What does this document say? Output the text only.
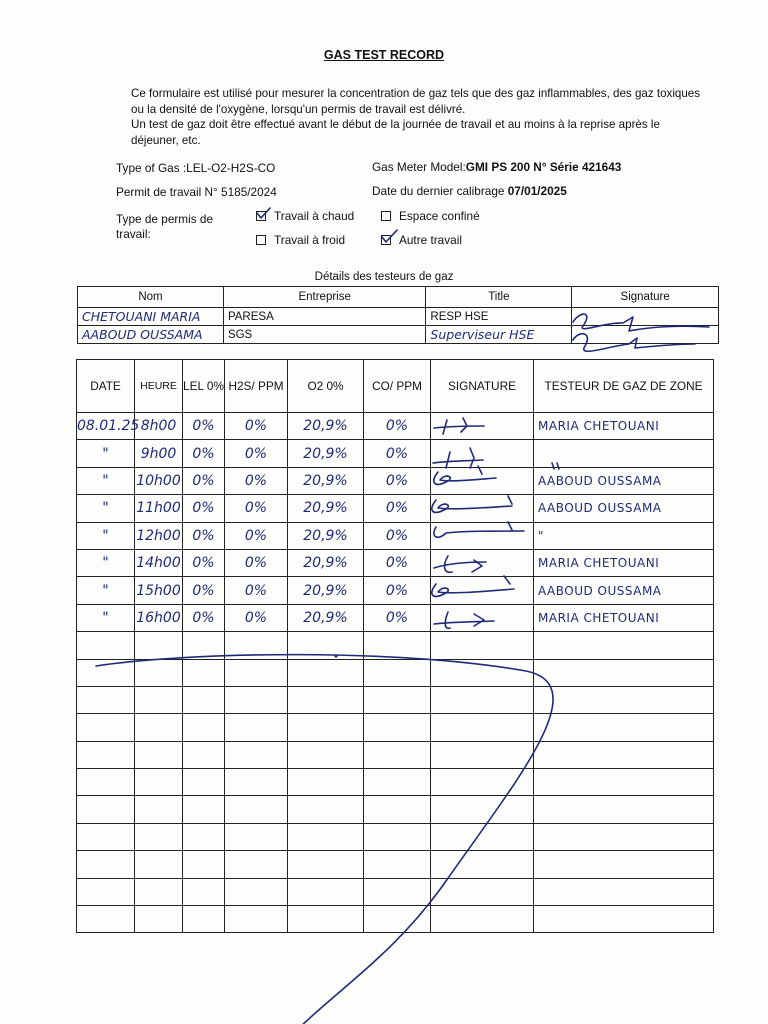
GAS TEST RECORD

Ce formulaire est utilisé pour mesurer la concentration de gaz tels que des gaz inflammables, des gaz toxiques ou la densité de l'oxygène, lorsqu'un permis de travail est délivré.

Un test de gaz doit être effectué avant le début de la journée de travail et au moins à la reprise après le déjeuner, etc.

Type of Gas :LEL-O2-H2S-CO	Gas Meter Model:GMI PS 200 N° Série 421643
Permit de travail N° 5185/2024	Date du dernier calibrage 07/01/2025
Type de permis de travail:
Travail à chaud	Espace confiné
Travail à froid	Autre travail
Détails des testeurs de gaz
Nom	Entreprise	Title	Signature
CHETOUANI MARIA	PARESA	RESP HSE	
AABOUD OUSSAMA	SGS	Superviseur HSE	
DATE	HEURE	LEL 0%	H2S/ PPM	O2 0%	CO/ PPM	SIGNATURE	TESTEUR DE GAZ DE ZONE
08.01.25	8h00	0%	0%	20,9%	0%		MARIA CHETOUANI
"	9h00	0%	0%	20,9%	0%		
"	10h00	0%	0%	20,9%	0%		AABOUD OUSSAMA
"	11h00	0%	0%	20,9%	0%		AABOUD OUSSAMA
"	12h00	0%	0%	20,9%	0%		"
"	14h00	0%	0%	20,9%	0%		MARIA CHETOUANI
"	15h00	0%	0%	20,9%	0%		AABOUD OUSSAMA
"	16h00	0%	0%	20,9%	0%		MARIA CHETOUANI
